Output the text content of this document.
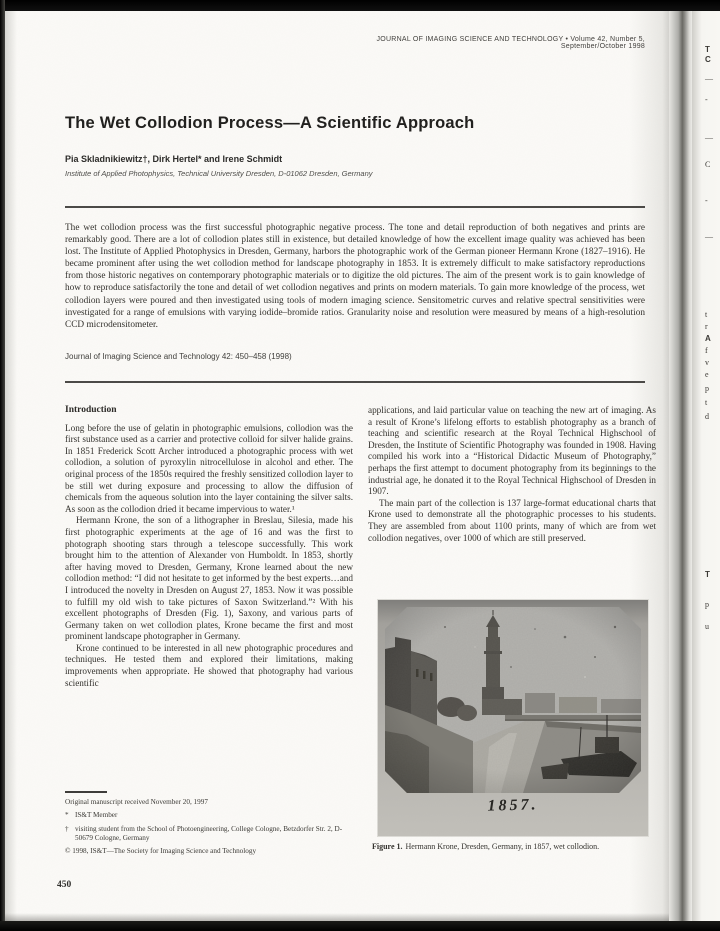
JOURNAL OF IMAGING SCIENCE AND TECHNOLOGY • Volume 42, Number 5, September/October 1998
The Wet Collodion Process—A Scientific Approach
Pia Skladnikiewitz†, Dirk Hertel* and Irene Schmidt
Institute of Applied Photophysics, Technical University Dresden, D-01062 Dresden, Germany
The wet collodion process was the first successful photographic negative process. The tone and detail reproduction of both negatives and prints are remarkably good. There are a lot of collodion plates still in existence, but detailed knowledge of how the excellent image quality was achieved has been lost. The Institute of Applied Photophysics in Dresden, Germany, harbors the photographic work of the German pioneer Hermann Krone (1827–1916). He became prominent after using the wet collodion method for landscape photography in 1853. It is extremely difficult to make satisfactory reproductions from those historic negatives on contemporary photographic materials or to digitize the old pictures. The aim of the present work is to gain knowledge of how to reproduce satisfactorily the tone and detail of wet collodion negatives and prints on modern materials. To gain more knowledge of the process, wet collodion layers were poured and then investigated using tools of modern imaging science. Sensitometric curves and relative spectral sensitivities were investigated for a range of emulsions with varying iodide–bromide ratios. Granularity noise and resolution were measured by means of a high-resolution CCD microdensitometer.
Journal of Imaging Science and Technology 42: 450–458 (1998)
Introduction

Long before the use of gelatin in photographic emulsions, collodion was the first substance used as a carrier and protective colloid for silver halide grains. In 1851 Frederick Scott Archer introduced a photographic process with wet collodion, a solution of pyroxylin nitrocellulose in alcohol and ether. The original process of the 1850s required the freshly sensitized collodion layer to be still wet during exposure and processing to allow the diffusion of chemicals from the aqueous solution into the layer containing the silver salts. As soon as the collodion dried it became impervious to water.¹

Hermann Krone, the son of a lithographer in Breslau, Silesia, made his first photographic experiments at the age of 16 and was the first to photograph shooting stars through a telescope successfully. This work brought him to the attention of Alexander von Humboldt. In 1853, shortly after having moved to Dresden, Germany, Krone learned about the new collodion method: “I did not hesitate to get informed by the best experts…and I introduced the novelty in Dresden on August 27, 1853. Now it was possible to fulfill my old wish to take pictures of Saxon Switzerland.”² With his excellent photographs of Dresden (Fig. 1), Saxony, and various parts of Germany taken on wet collodion plates, Krone became the first and most prominent landscape photographer in Germany.

Krone continued to be interested in all new photographic procedures and techniques. He tested them and explored their limitations, making improvements when appropriate. He showed that photography had various scientific

Original manuscript received November 20, 1997
* IS&T Member
† visiting student from the School of Photoengineering, College Cologne, Betzdorfer Str. 2, D-50679 Cologne, Germany
© 1998, IS&T—The Society for Imaging Science and Technology
450

applications, and laid particular value on teaching the new art of imaging. As a result of Krone’s lifelong efforts to establish photography as a branch of teaching and scientific research at the Royal Technical Highschool of Dresden, the Institute of Scientific Photography was founded in 1908. Having compiled his work into a “Historical Didactic Museum of Photography,” perhaps the first attempt to document photography from its beginnings to the industrial age, he donated it to the Royal Technical Highschool of Dresden in 1907.

The main part of the collection is 137 large-format educational charts that Krone used to demonstrate all the photographic processes to his students. They are assembled from about 1100 prints, many of which are from wet collodion negatives, over 1000 of which are still preserved.

1857.
Figure 1. Hermann Krone, Dresden, Germany, in 1857, wet collodion.
T
C
—
-
—
C
-
—
t
r
A
f
v
e
p
t
d
T
p
u
